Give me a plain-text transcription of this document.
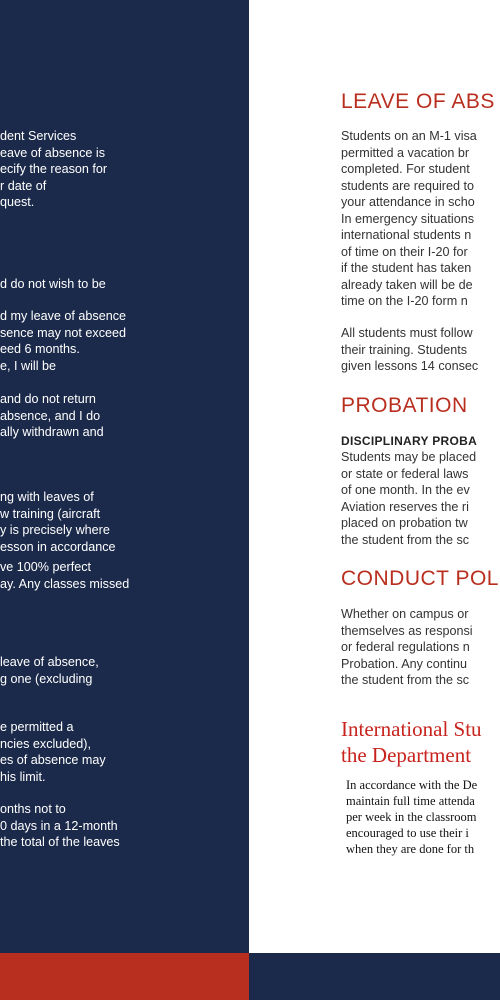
dent Services
eave of absence is
ecify the reason for
r date of
quest.
d do not wish to be
d my leave of absence
sence may not exceed
eed 6 months.
e, I will be
and do not return
absence, and I do
ally withdrawn and
ng with leaves of
w training (aircraft
y is precisely where
esson in accordance
ve 100% perfect
ay. Any classes missed
leave of absence,
g one (excluding
e permitted a
ncies excluded),
es of absence may
his limit.
onths not to
0 days in a 12-month
the total of the leaves
LEAVE OF ABS
Students on an M-1 visa
permitted a vacation br
completed. For student
students are required to
your attendance in scho
In emergency situations
international students n
of time on their I-20 for
if the student has taken
already taken will be de
time on the I-20 form n
All students must follow
their training. Students
given lessons 14 consec
PROBATION
DISCIPLINARY PROBA
Students may be placed
or state or federal laws
of one month. In the ev
Aviation reserves the ri
placed on probation tw
the student from the sc
CONDUCT POL
Whether on campus or
themselves as responsi
or federal regulations n
Probation. Any continu
the student from the sc
International Stu
the Department
In accordance with the De
maintain full time attenda
per week in the classroom
encouraged to use their i
when they are done for th
